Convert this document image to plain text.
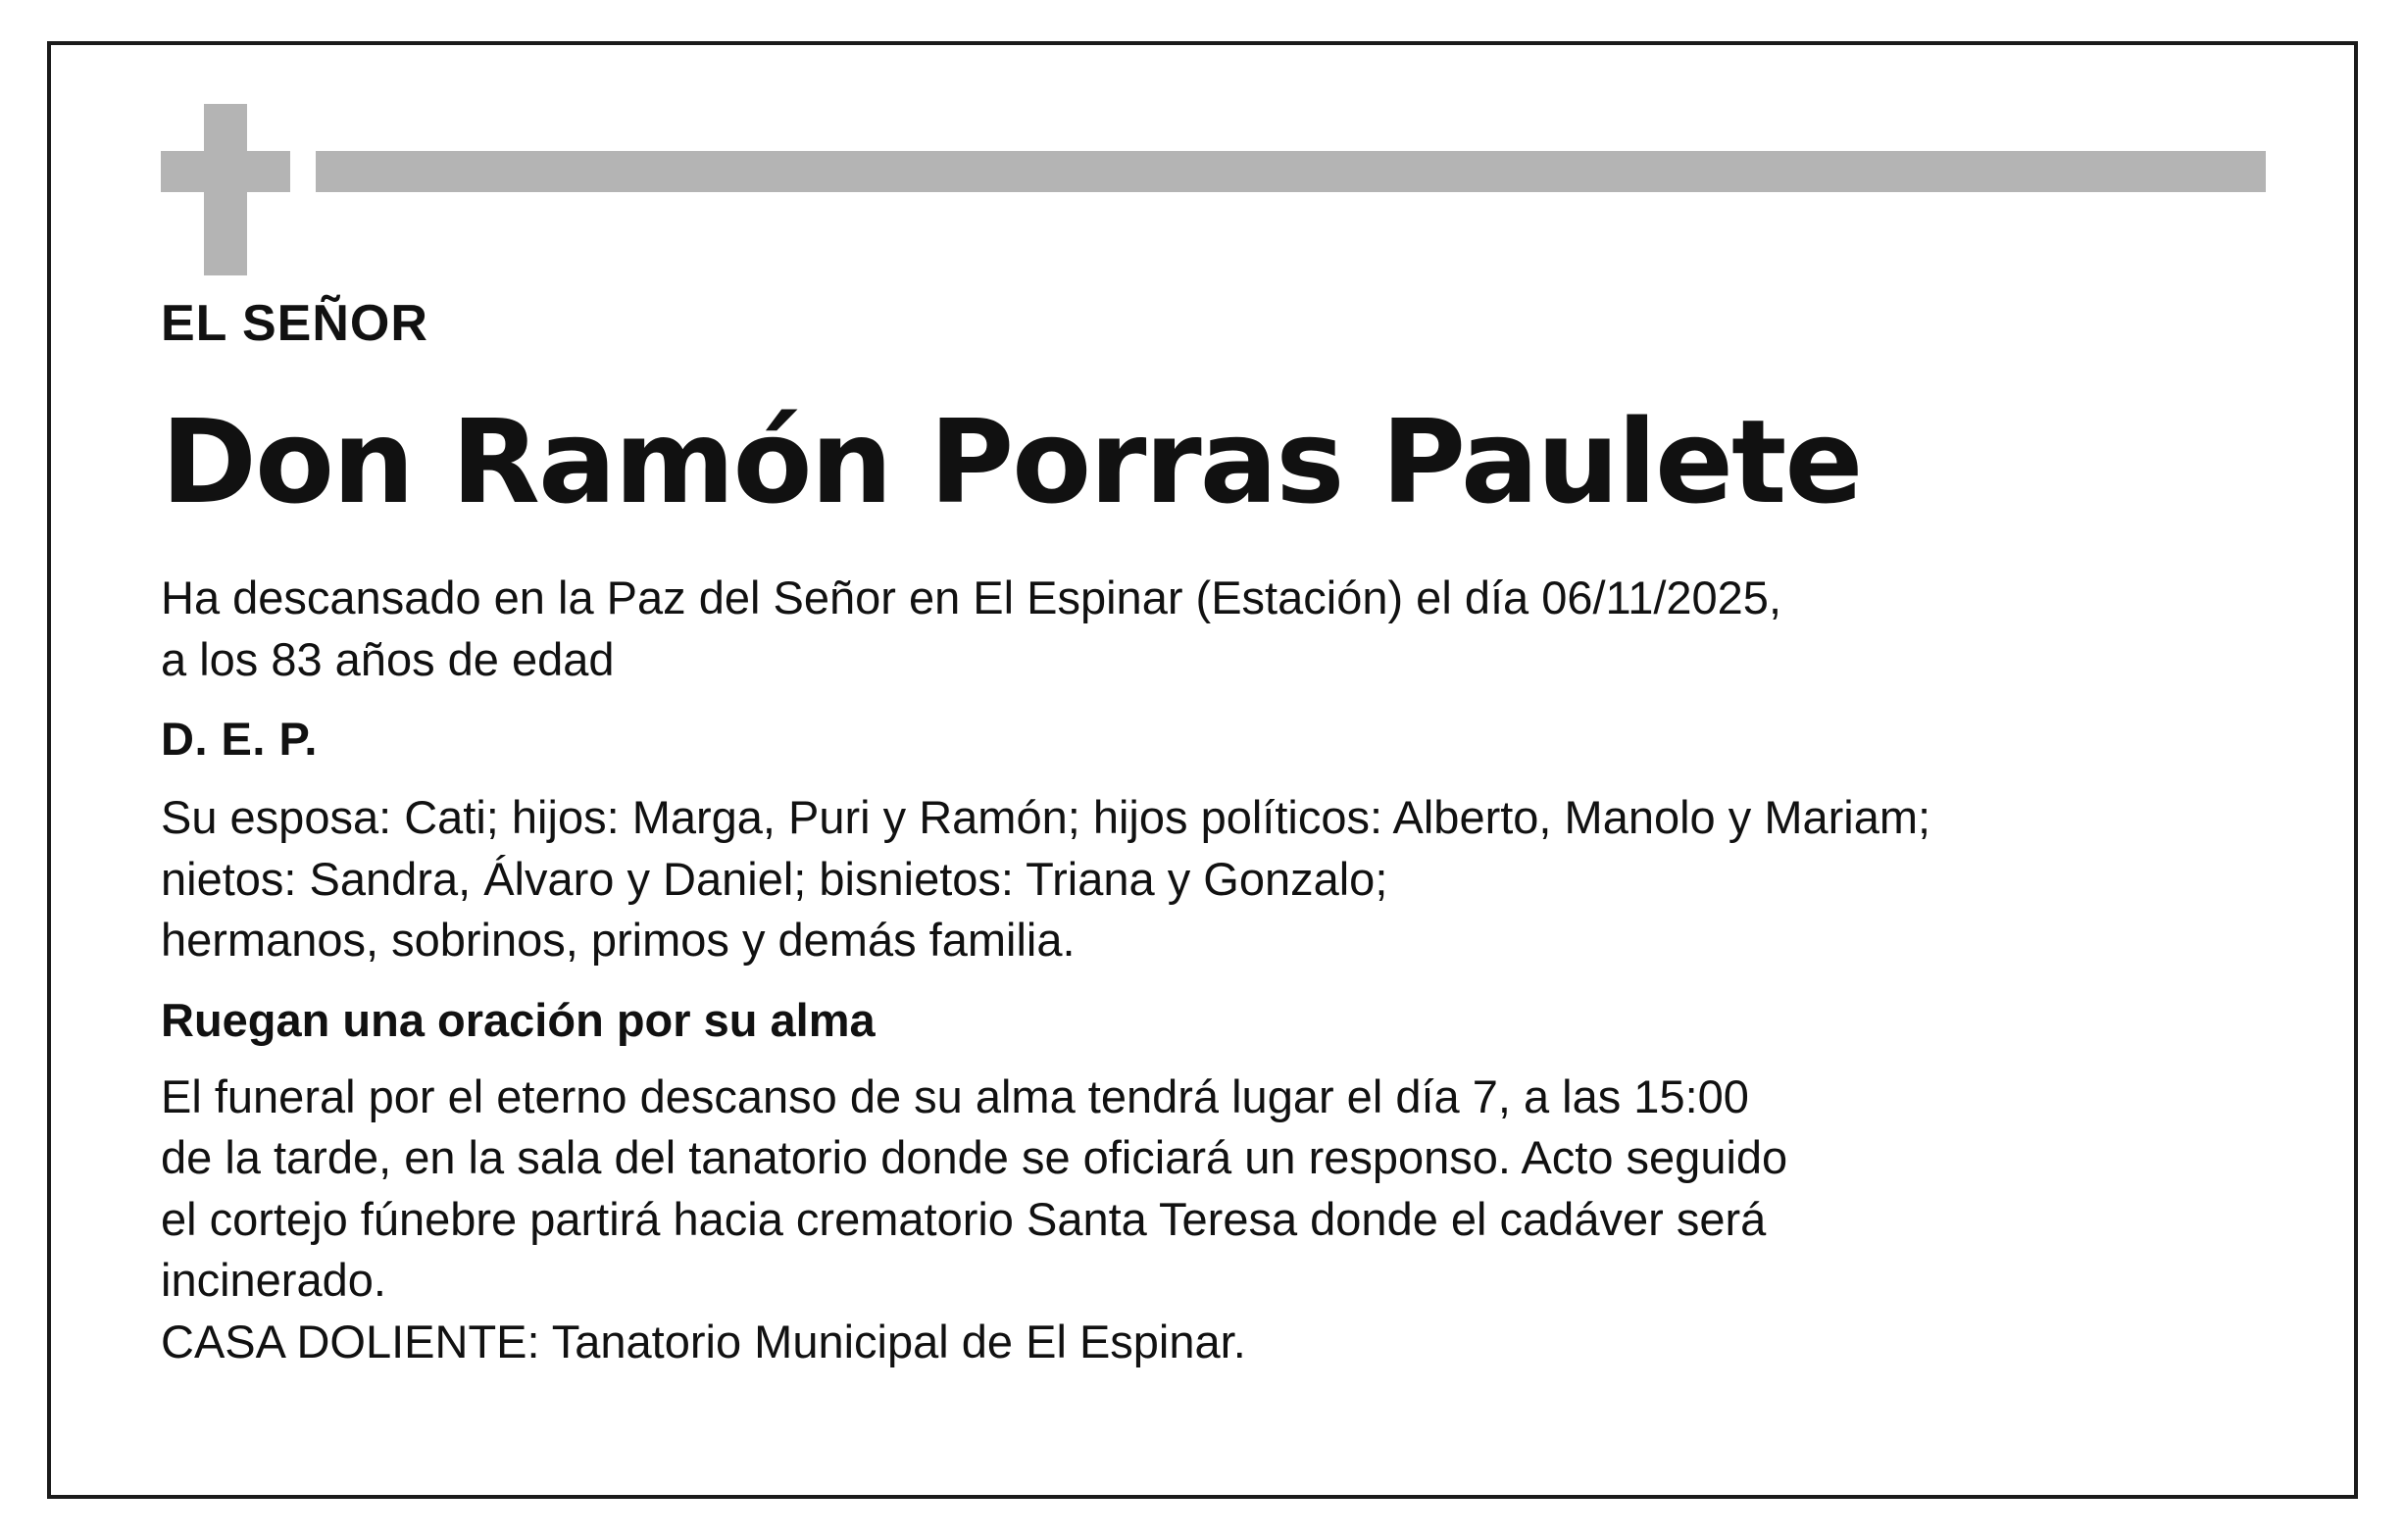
EL SEÑOR
Don Ramón Porras Paulete
Ha descansado en la Paz del Señor en El Espinar (Estación) el día 06/11/2025,
a los 83 años de edad
D. E. P.
Su esposa: Cati; hijos: Marga, Puri y Ramón; hijos políticos: Alberto, Manolo y Mariam;
nietos: Sandra, Álvaro y Daniel; bisnietos: Triana y Gonzalo;
hermanos, sobrinos, primos y demás familia.
Ruegan una oración por su alma
El funeral por el eterno descanso de su alma tendrá lugar el día 7, a las 15:00
de la tarde, en la sala del tanatorio donde se oficiará un responso. Acto seguido
el cortejo fúnebre partirá hacia crematorio Santa Teresa donde el cadáver será
incinerado.
CASA DOLIENTE: Tanatorio Municipal de El Espinar.
